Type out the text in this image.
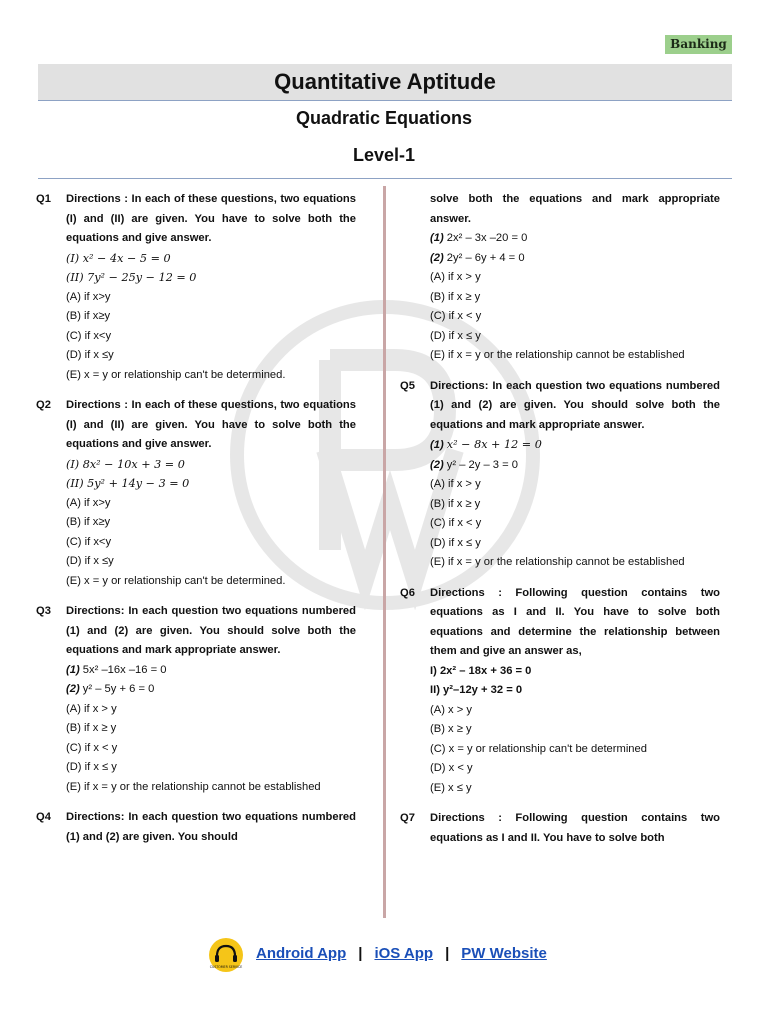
Banking
Quantitative Aptitude
Quadratic Equations
Level-1
Q1 Directions : In each of these questions, two equations (I) and (II) are given. You have to solve both the equations and give answer.
(I) x² − 4x − 5 = 0
(II) 7y² − 25y − 12 = 0
(A) if x>y
(B) if x≥y
(C) if x<y
(D) if x ≤y
(E) x = y or relationship can't be determined.
Q2 Directions : In each of these questions, two equations (I) and (II) are given. You have to solve both the equations and give answer.
(I) 8x² − 10x + 3 = 0
(II) 5y² + 14y − 3 = 0
(A) if x>y
(B) if x≥y
(C) if x<y
(D) if x ≤y
(E) x = y or relationship can't be determined.
Q3 Directions: In each question two equations numbered (1) and (2) are given. You should solve both the equations and mark appropriate answer.
(1) 5x² –16x –16 = 0
(2) y² – 5y + 6 = 0
(A) if x > y
(B) if x ≥ y
(C) if x < y
(D) if x ≤ y
(E) if x = y or the relationship cannot be established
Q4 Directions: In each question two equations numbered (1) and (2) are given. You should
solve both the equations and mark appropriate answer.
(1) 2x² – 3x –20 = 0
(2) 2y² – 6y + 4 = 0
(A) if x > y
(B) if x ≥ y
(C) if x < y
(D) if x ≤ y
(E) if x = y or the relationship cannot be established
Q5 Directions: In each question two equations numbered (1) and (2) are given. You should solve both the equations and mark appropriate answer.
(1) x² − 8x + 12 = 0
(2) y² – 2y – 3 = 0
(A) if x > y
(B) if x ≥ y
(C) if x < y
(D) if x ≤ y
(E) if x = y or the relationship cannot be established
Q6 Directions : Following question contains two equations as I and II. You have to solve both equations and determine the relationship between them and give an answer as,
I) 2x² – 18x + 36 = 0
II) y²–12y + 32 = 0
(A) x > y
(B) x ≥ y
(C) x = y or relationship can't be determined
(D) x < y
(E) x ≤ y
Q7 Directions : Following question contains two equations as I and II. You have to solve both
CUSTOMER SERVICE
Android App | iOS App | PW Website
